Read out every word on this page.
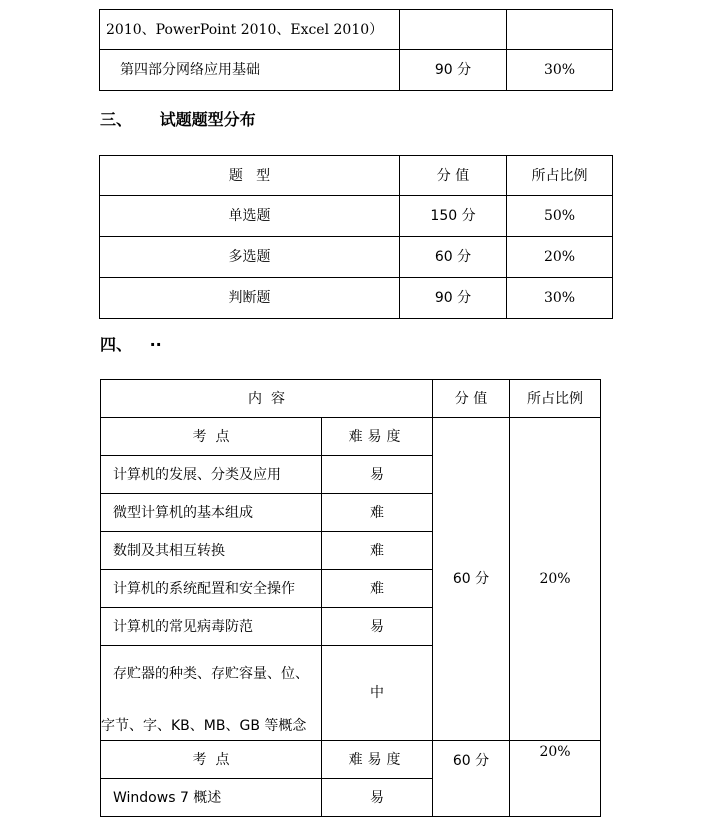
2010、PowerPoint 2010、Excel 2010）		
第四部分网络应用基础	90 分	30%
三、 试题题型分布
题   型	分 值	所占比例
单选题	150 分	50%
多选题	60 分	20%
判断题	90 分	30%
四、 ··
内  容		分 值	所占比例
考  点	难易度	60 分	20%
计算机的发展、分类及应用	易		
微型计算机的基本组成	难		
数制及其相互转换	难		
计算机的系统配置和安全操作	难		
计算机的常见病毒防范	易		

存贮器的种类、存贮容量、位、
字节、字、KB、MB、GB 等概念	中		
考  点	难易度	60 分	20%

Windows 7 概述	易		
